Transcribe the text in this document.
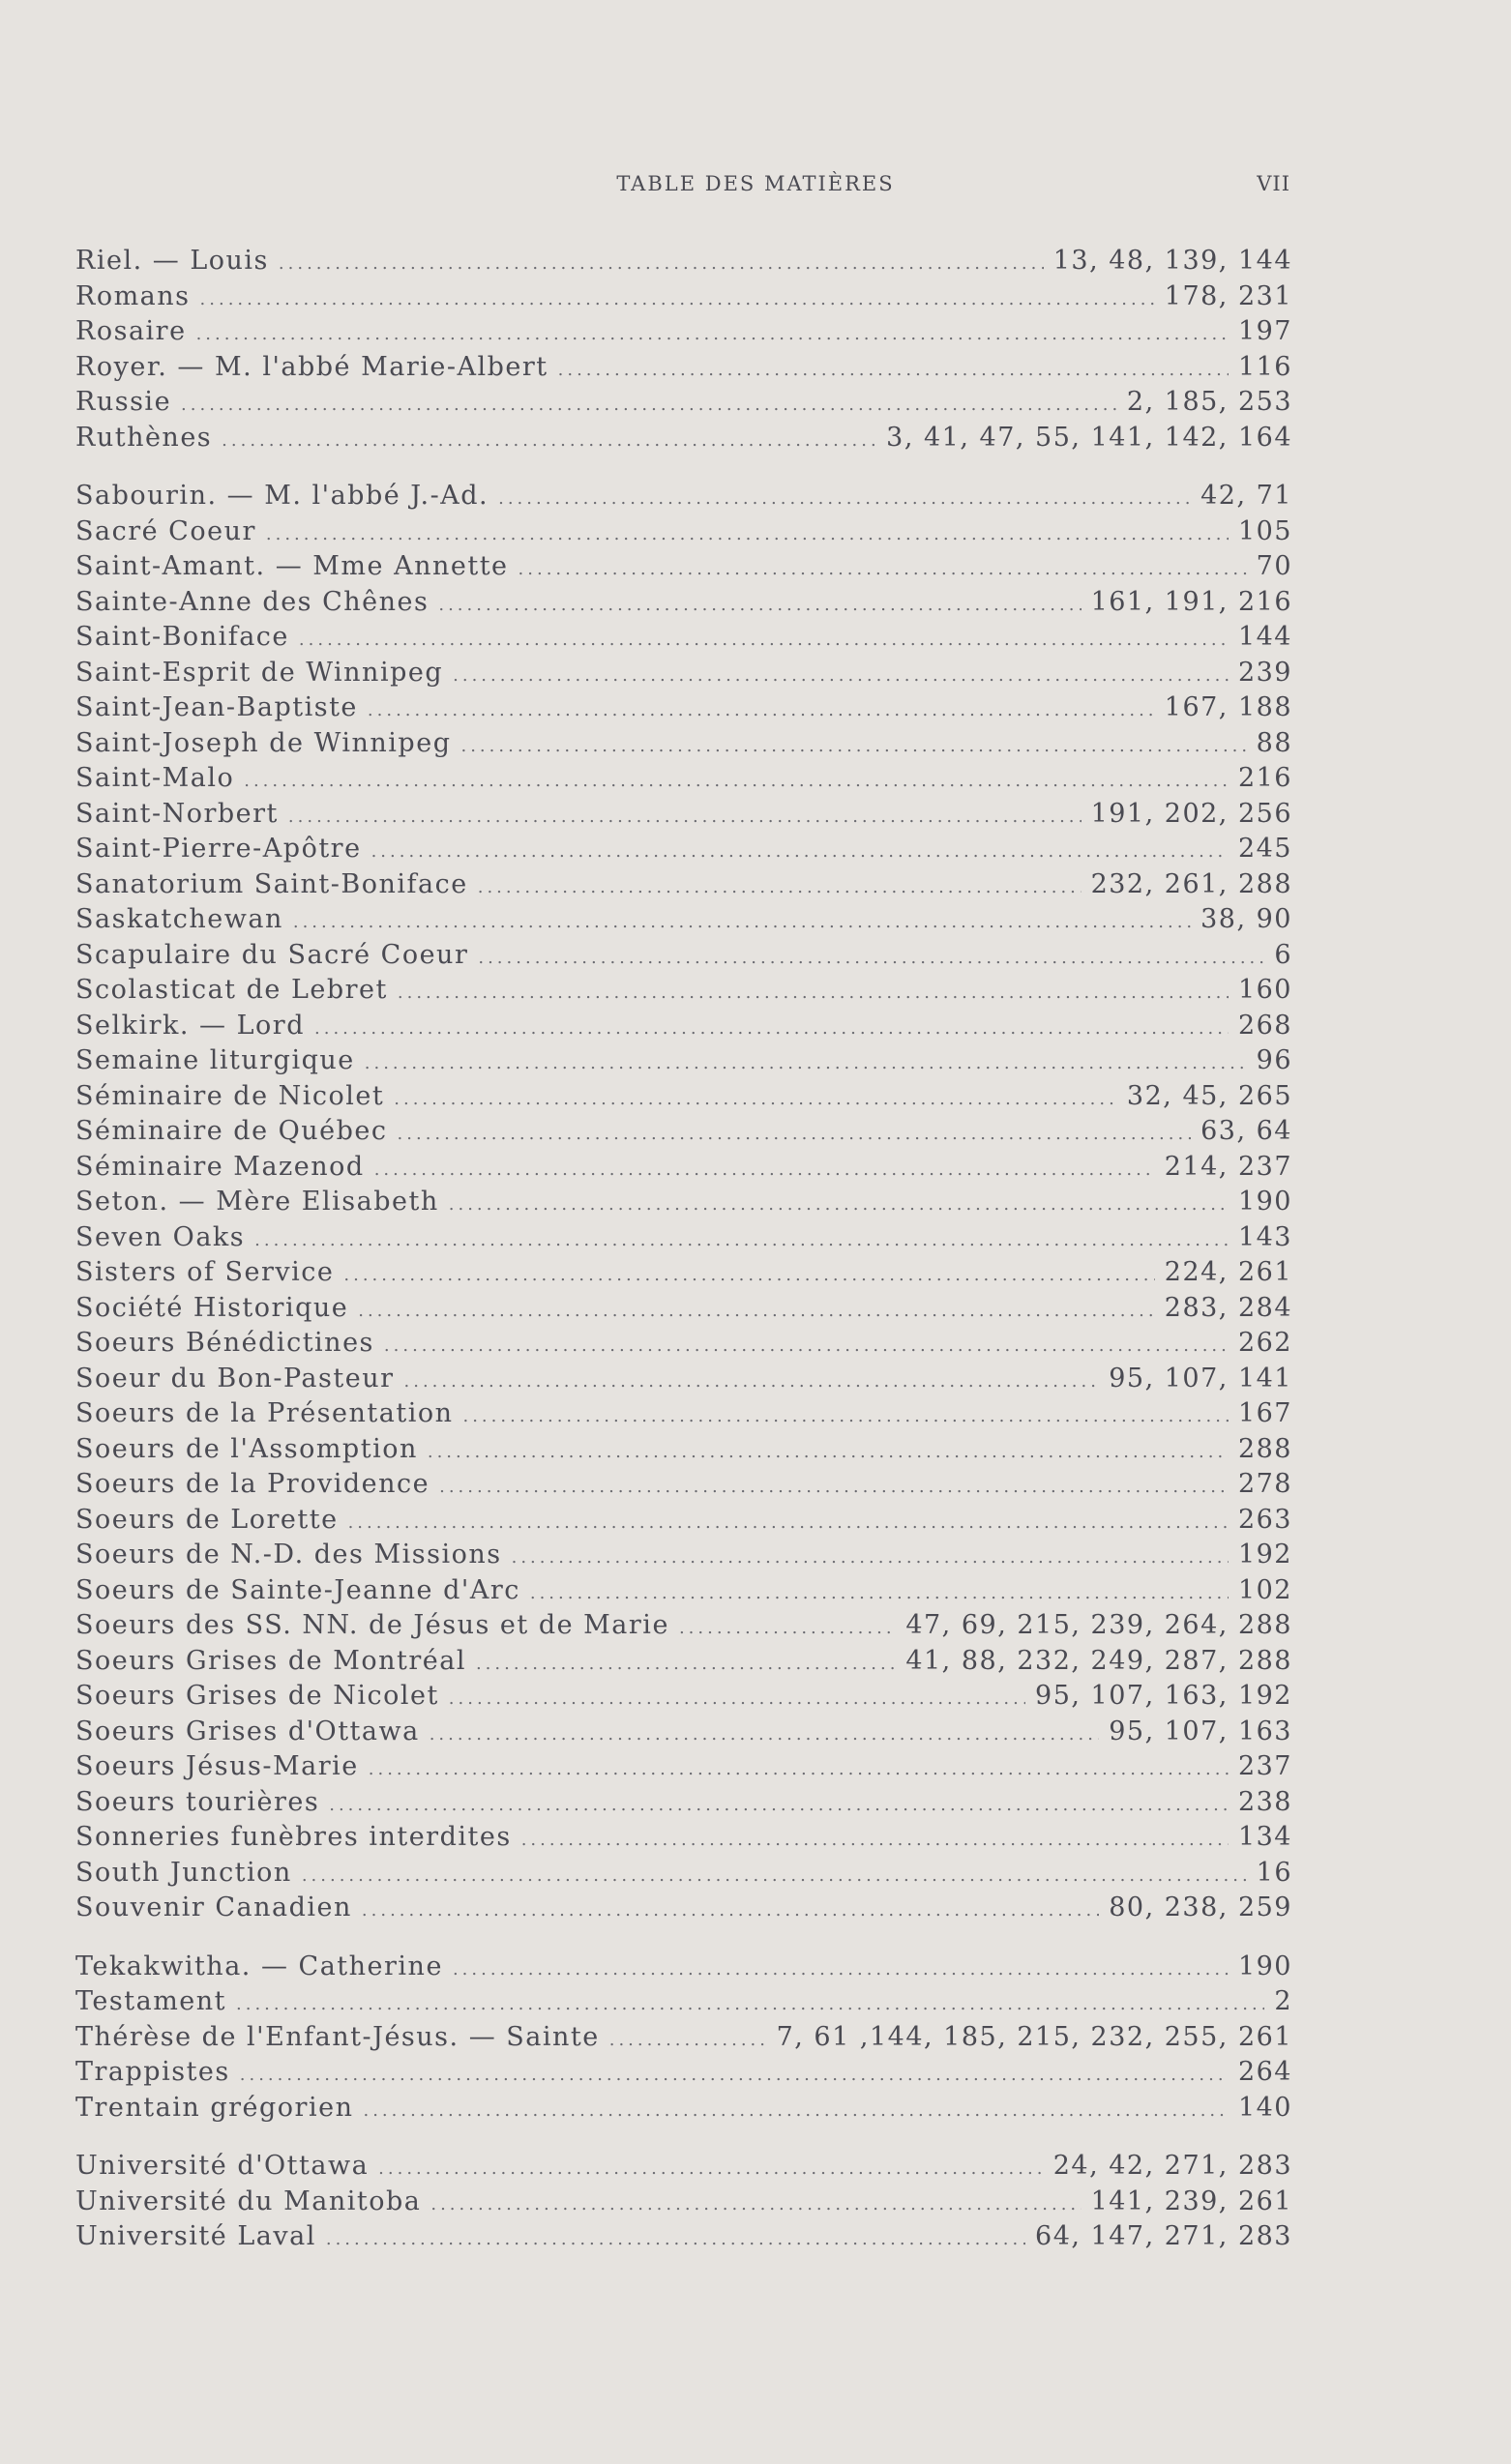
TABLE DES MATIÈRES	VII
Riel. — Louis .....	13, 48, 139, 144
Romans .....	178, 231
Rosaire .....	197
Royer. — M. l'abbé Marie-Albert .....	116
Russie .....	2, 185, 253
Ruthènes .....	3, 41, 47, 55, 141, 142, 164
Sabourin. — M. l'abbé J.-Ad. .....	42, 71
Sacré Coeur .....	105
Saint-Amant. — Mme Annette .....	70
Sainte-Anne des Chênes .....	161, 191, 216
Saint-Boniface .....	144
Saint-Esprit de Winnipeg .....	239
Saint-Jean-Baptiste .....	167, 188
Saint-Joseph de Winnipeg .....	88
Saint-Malo .....	216
Saint-Norbert .....	191, 202, 256
Saint-Pierre-Apôtre .....	245
Sanatorium Saint-Boniface .....	232, 261, 288
Saskatchewan .....	38, 90
Scapulaire du Sacré Coeur .....	6
Scolasticat de Lebret .....	160
Selkirk. — Lord .....	268
Semaine liturgique .....	96
Séminaire de Nicolet .....	32, 45, 265
Séminaire de Québec .....	63, 64
Séminaire Mazenod .....	214, 237
Seton. — Mère Elisabeth .....	190
Seven Oaks .....	143
Sisters of Service .....	224, 261
Société Historique .....	283, 284
Soeurs Bénédictines .....	262
Soeur du Bon-Pasteur .....	95, 107, 141
Soeurs de la Présentation .....	167
Soeurs de l'Assomption .....	288
Soeurs de la Providence .....	278
Soeurs de Lorette .....	263
Soeurs de N.-D. des Missions .....	192
Soeurs de Sainte-Jeanne d'Arc .....	102
Soeurs des SS. NN. de Jésus et de Marie .....	47, 69, 215, 239, 264, 288
Soeurs Grises de Montréal .....	41, 88, 232, 249, 287, 288
Soeurs Grises de Nicolet .....	95, 107, 163, 192
Soeurs Grises d'Ottawa .....	95, 107, 163
Soeurs Jésus-Marie .....	237
Soeurs tourières .....	238
Sonneries funèbres interdites .....	134
South Junction .....	16
Souvenir Canadien .....	80, 238, 259
Tekakwitha. — Catherine .....	190
Testament .....	2
Thérèse de l'Enfant-Jésus. — Sainte .....	7, 61 ,144, 185, 215, 232, 255, 261
Trappistes .....	264
Trentain grégorien .....	140
Université d'Ottawa .....	24, 42, 271, 283
Université du Manitoba .....	141, 239, 261
Université Laval .....	64, 147, 271, 283
